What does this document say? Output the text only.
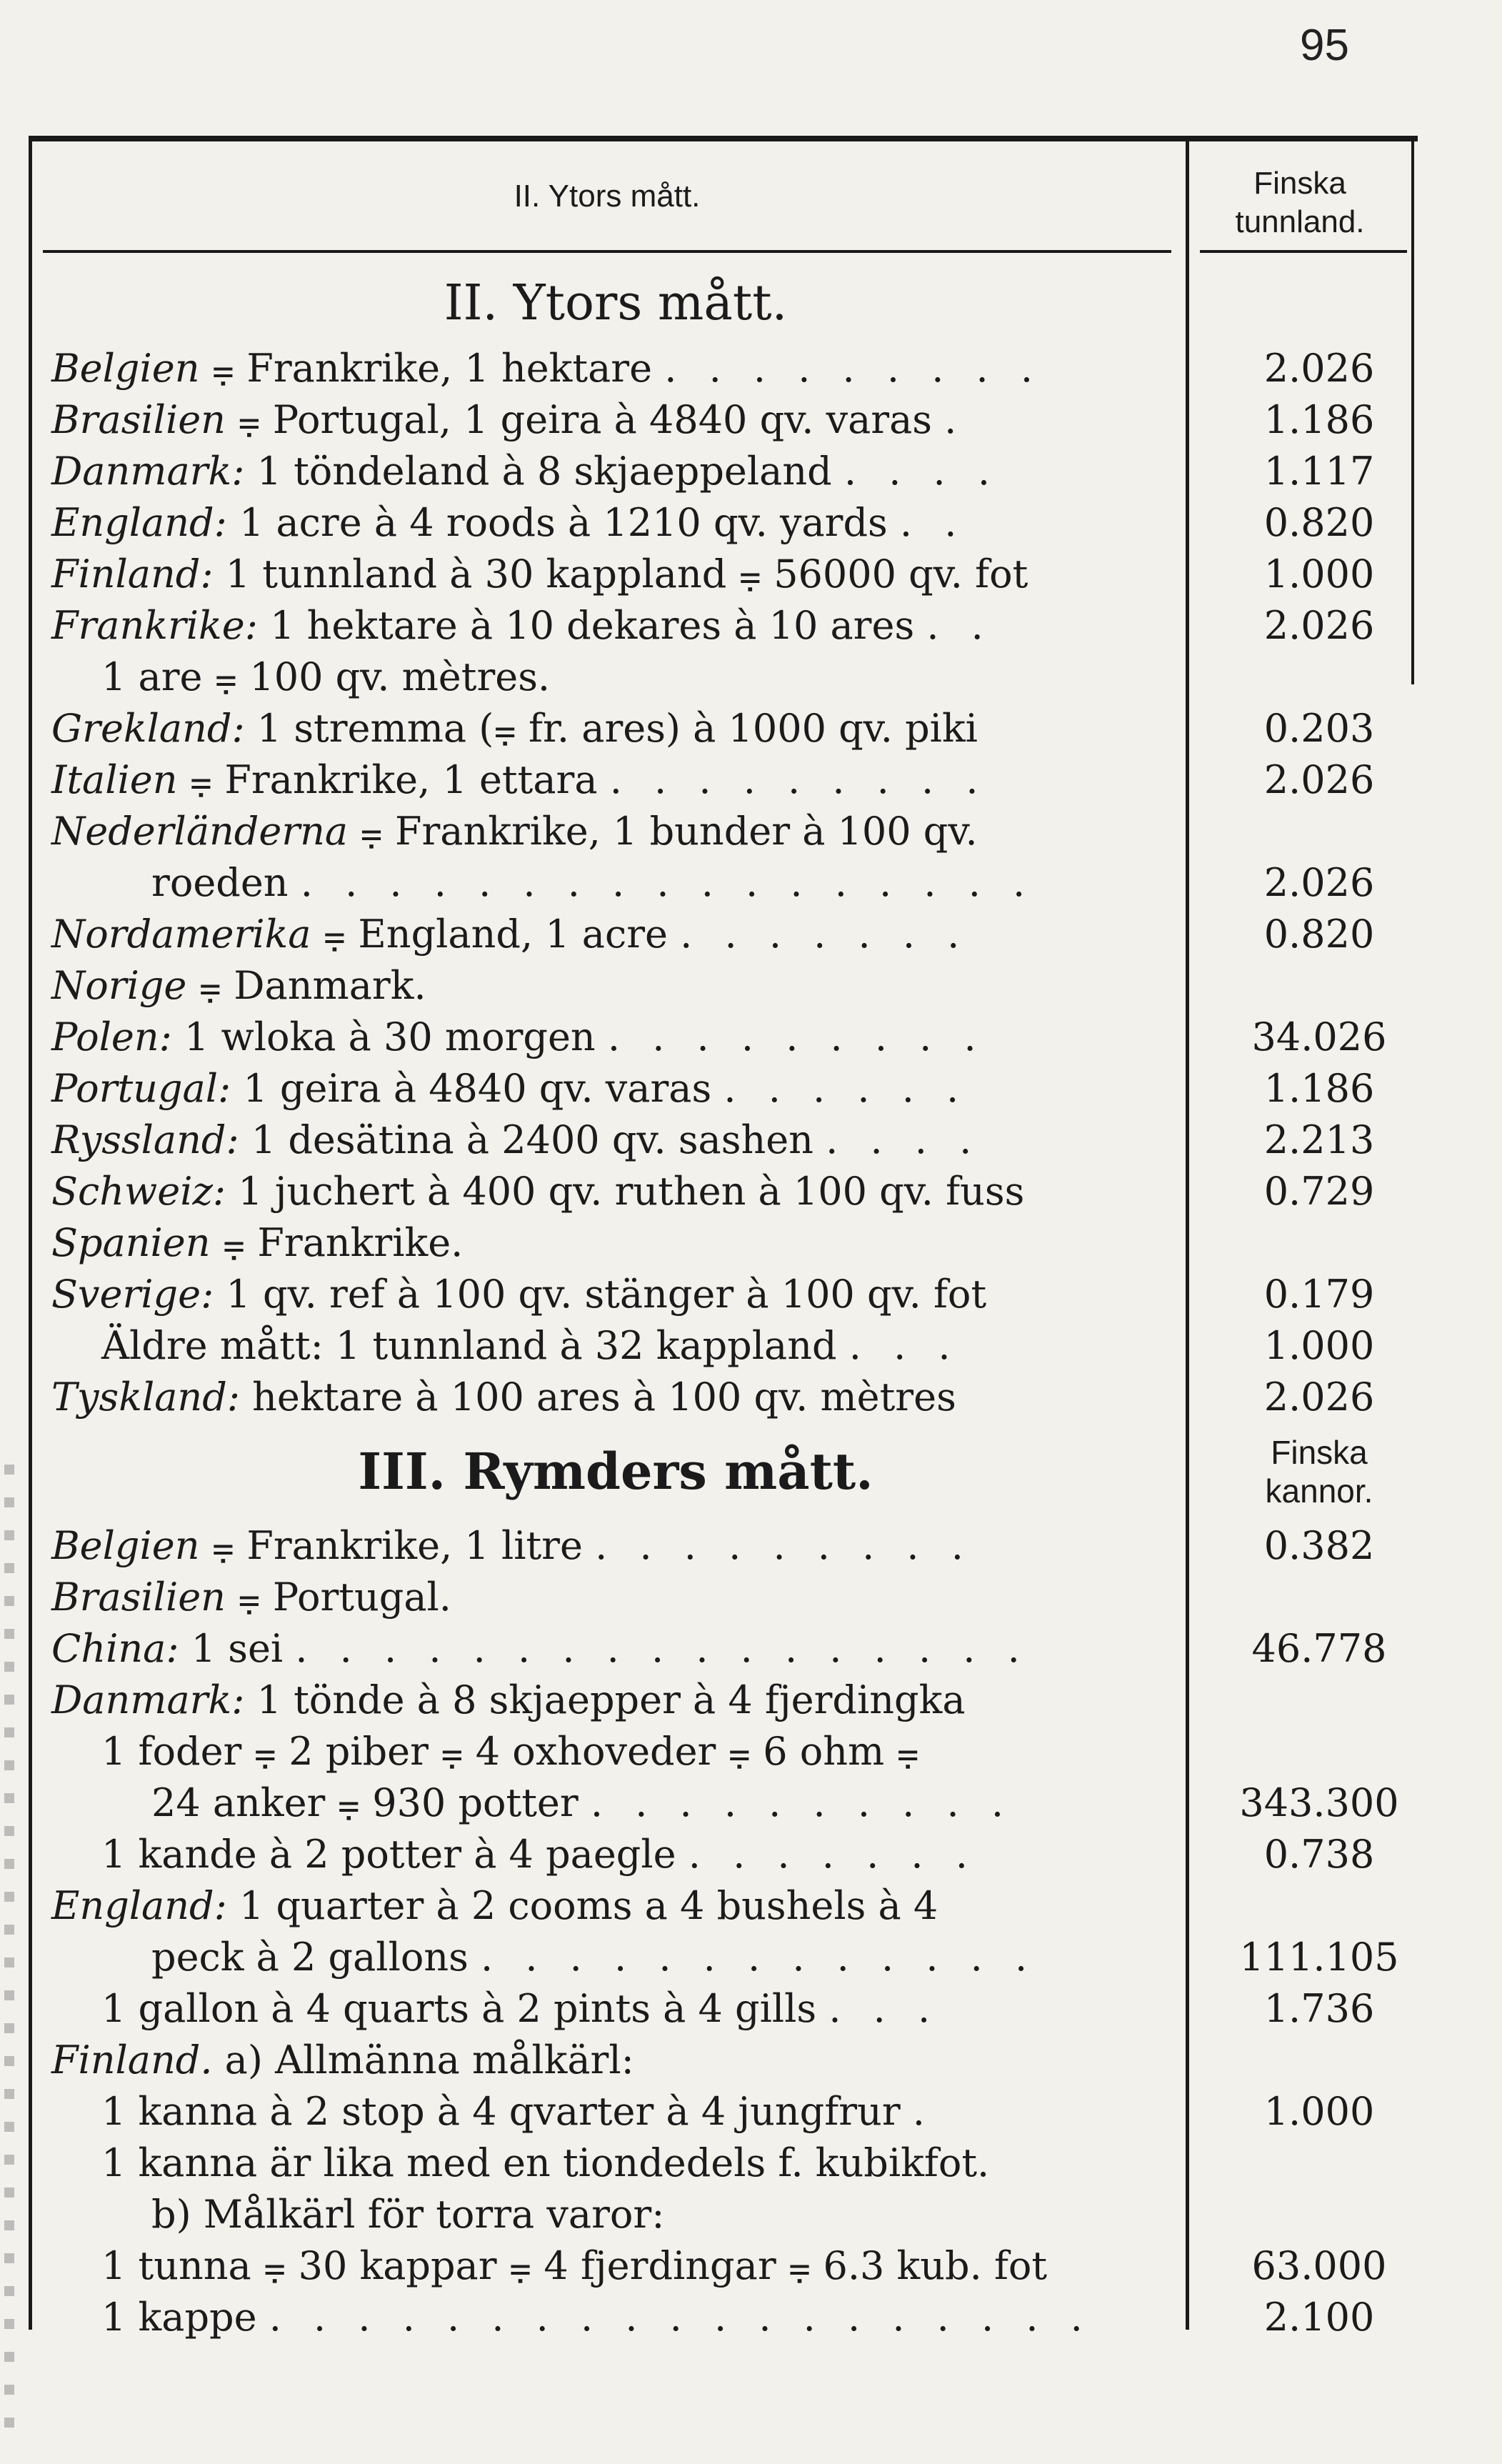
95
II. Ytors mått.	Finska
tunnland.
II. Ytors mått.
Belgien ⩦ Frankrike, 1 hektare . . . . . . . . .	2.026
Brasilien ⩦ Portugal, 1 geira à 4840 qv. varas .	1.186
Danmark: 1 töndeland à 8 skjaeppeland . . . .	1.117
England: 1 acre à 4 roods à 1210 qv. yards . .	0.820
Finland: 1 tunnland à 30 kappland ⩦ 56000 qv. fot	1.000
Frankrike: 1 hektare à 10 dekares à 10 ares . .	2.026
1 are ⩦ 100 qv. mètres.
Grekland: 1 stremma (⩦ fr. ares) à 1000 qv. piki	0.203
Italien ⩦ Frankrike, 1 ettara . . . . . . . . .	2.026
Nederländerna ⩦ Frankrike, 1 bunder à 100 qv.
roeden . . . . . . . . . . . . . . . . .	2.026
Nordamerika ⩦ England, 1 acre . . . . . . .	0.820
Norige ⩦ Danmark.
Polen: 1 wloka à 30 morgen . . . . . . . . .	34.026
Portugal: 1 geira à 4840 qv. varas . . . . . .	1.186
Ryssland: 1 desätina à 2400 qv. sashen . . . .	2.213
Schweiz: 1 juchert à 400 qv. ruthen à 100 qv. fuss	0.729
Spanien ⩦ Frankrike.
Sverige: 1 qv. ref à 100 qv. stänger à 100 qv. fot	0.179
Äldre mått: 1 tunnland à 32 kappland . . .	1.000
Tyskland: hektare à 100 ares à 100 qv. mètres	2.026
III. Rymders mått.	Finska
kannor.
Belgien ⩦ Frankrike, 1 litre . . . . . . . . .	0.382
Brasilien ⩦ Portugal.
China: 1 sei . . . . . . . . . . . . . . . . .	46.778
Danmark: 1 tönde à 8 skjaepper à 4 fjerdingka
1 foder ⩦ 2 piber ⩦ 4 oxhoveder ⩦ 6 ohm ⩦
24 anker ⩦ 930 potter . . . . . . . . . .	343.300
1 kande à 2 potter à 4 paegle . . . . . . .	0.738
England: 1 quarter à 2 cooms a 4 bushels à 4
peck à 2 gallons . . . . . . . . . . . . .	111.105
1 gallon à 4 quarts à 2 pints à 4 gills . . .	1.736
Finland. a) Allmänna målkärl:
1 kanna à 2 stop à 4 qvarter à 4 jungfrur .	1.000
1 kanna är lika med en tiondedels f. kubikfot.
b) Målkärl för torra varor:
1 tunna ⩦ 30 kappar ⩦ 4 fjerdingar ⩦ 6.3 kub. fot	63.000
1 kappe . . . . . . . . . . . . . . . . . . .	2.100
